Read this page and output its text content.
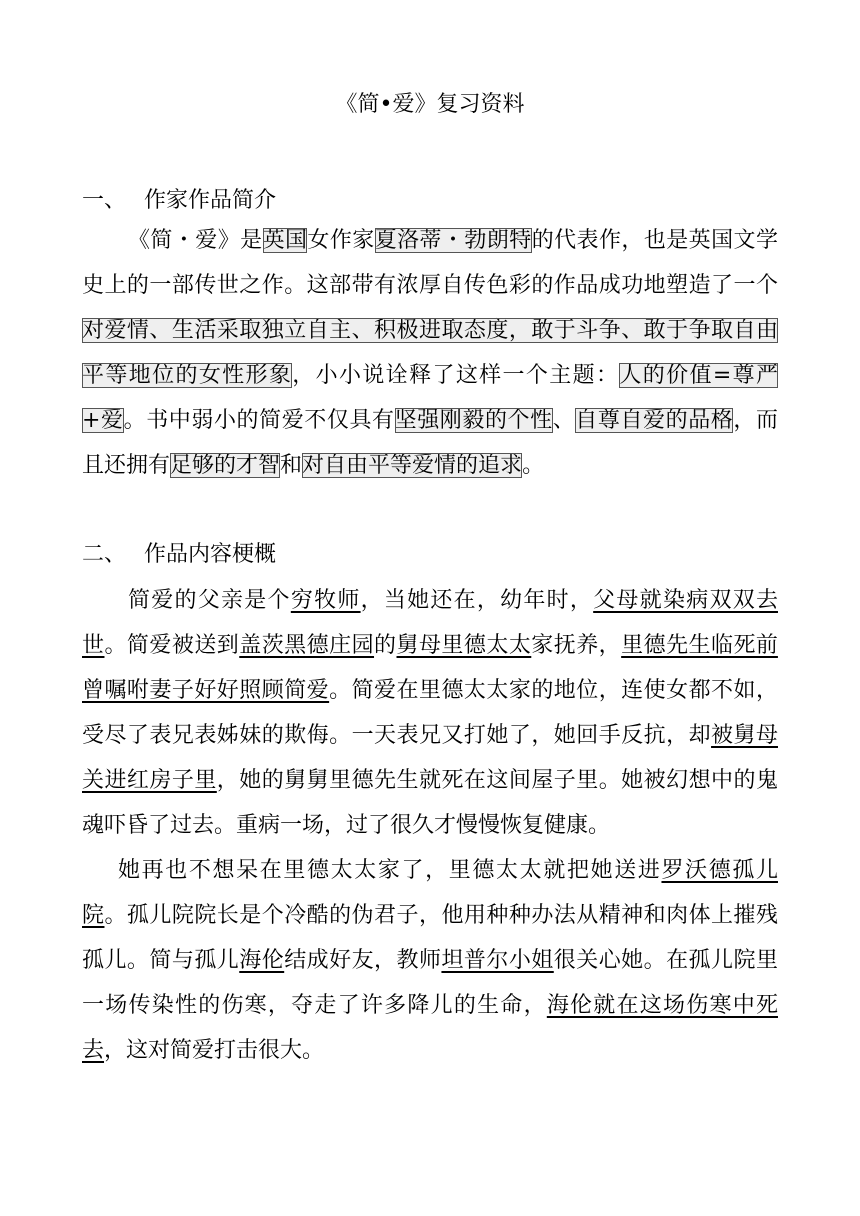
《简•爱》复习资料
一、 作家作品简介

《简・爱》是英国女作家夏洛蒂・勃朗特的代表作，也是英国文学史上的一部传世之作。这部带有浓厚自传色彩的作品成功地塑造了一个对爱情、生活采取独立自主、积极进取态度，敢于斗争、敢于争取自由平等地位的女性形象，小小说诠释了这样一个主题：人的价值=尊严+爱。书中弱小的简爱不仅具有坚强刚毅的个性、自尊自爱的品格，而且还拥有足够的才智和对自由平等爱情的追求。

二、 作品内容梗概

简爱的父亲是个穷牧师，当她还在，幼年时，父母就染病双双去世。简爱被送到盖茨黑德庄园的舅母里德太太家抚养，里德先生临死前曾嘱咐妻子好好照顾简爱。简爱在里德太太家的地位，连使女都不如，受尽了表兄表姊妹的欺侮。一天表兄又打她了，她回手反抗，却被舅母关进红房子里，她的舅舅里德先生就死在这间屋子里。她被幻想中的鬼魂吓昏了过去。重病一场，过了很久才慢慢恢复健康。

她再也不想呆在里德太太家了，里德太太就把她送进罗沃德孤儿院。孤儿院院长是个冷酷的伪君子，他用种种办法从精神和肉体上摧残孤儿。简与孤儿海伦结成好友，教师坦普尔小姐很关心她。在孤儿院里一场传染性的伤寒，夺走了许多降儿的生命，海伦就在这场伤寒中死去，这对简爱打击很大。
